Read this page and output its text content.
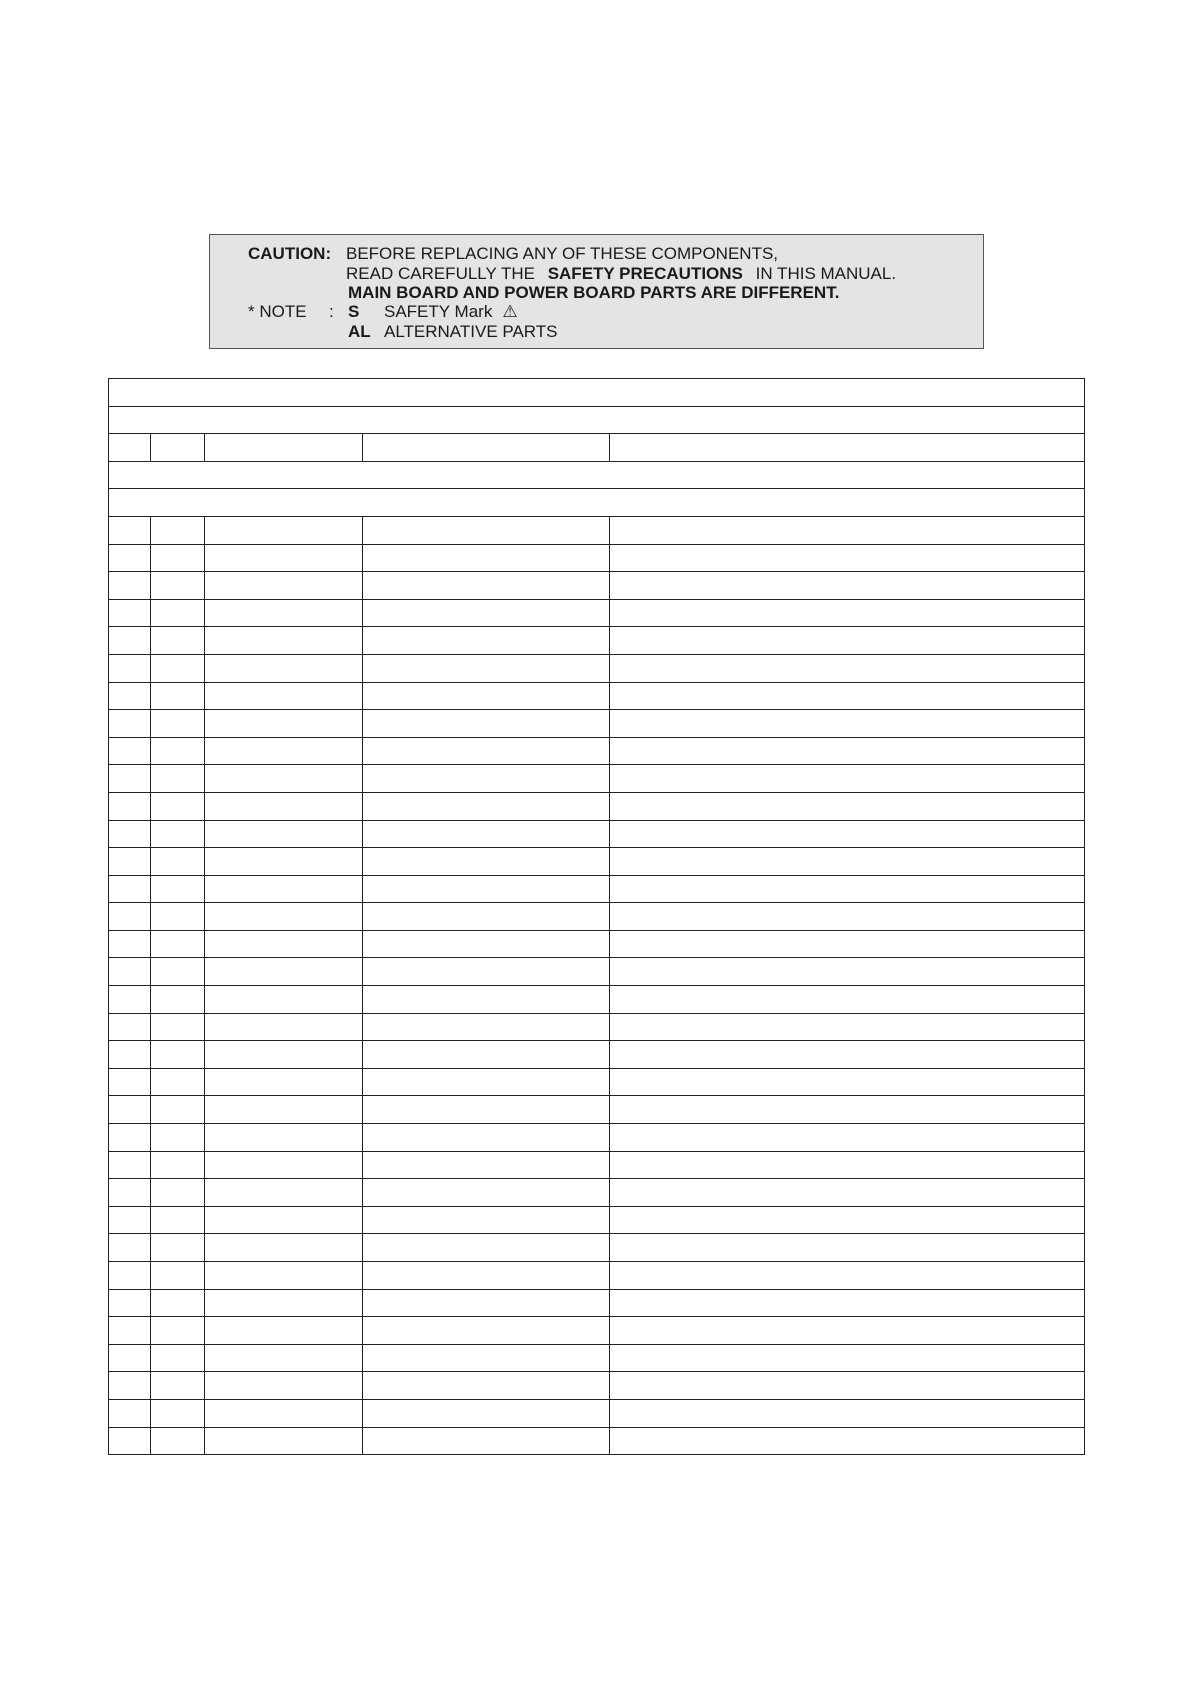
CAUTION: BEFORE REPLACING ANY OF THESE COMPONENTS,
READ CAREFULLY THE SAFETY PRECAUTIONS IN THIS MANUAL.
MAIN BOARD AND POWER BOARD PARTS ARE DIFFERENT.
* NOTE : S SAFETY Mark ⚠
AL ALTERNATIVE PARTS
